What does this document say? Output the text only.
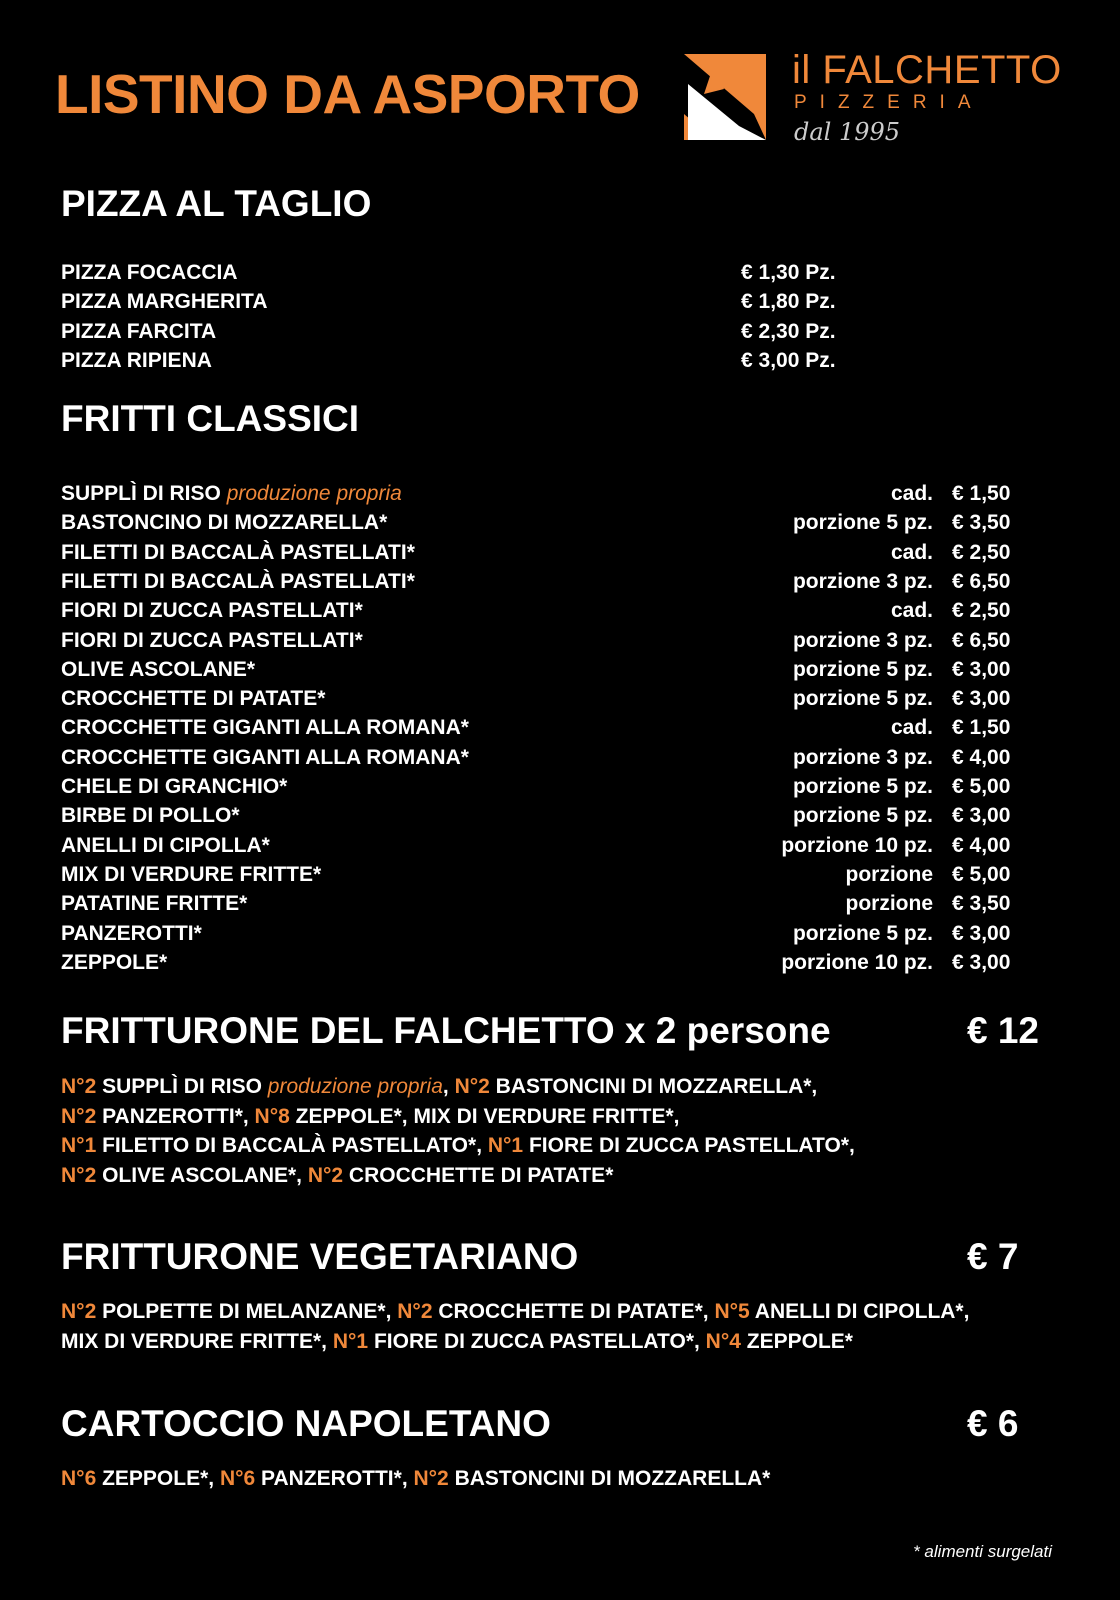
LISTINO DA ASPORTO	il FALCHETTO
PIZZERIA
dal 1995
PIZZA AL TAGLIO
PIZZA FOCACCIA	€ 1,30 Pz.
PIZZA MARGHERITA	€ 1,80 Pz.
PIZZA FARCITA	€ 2,30 Pz.
PIZZA RIPIENA	€ 3,00 Pz.
FRITTI CLASSICI
SUPPLÌ DI RISO produzione propria	cad. € 1,50
BASTONCINO DI MOZZARELLA*	porzione 5 pz. € 3,50
FILETTI DI BACCALÀ PASTELLATI*	cad. € 2,50
FILETTI DI BACCALÀ PASTELLATI*	porzione 3 pz. € 6,50
FIORI DI ZUCCA PASTELLATI*	cad. € 2,50
FIORI DI ZUCCA PASTELLATI*	porzione 3 pz. € 6,50
OLIVE ASCOLANE*	porzione 5 pz. € 3,00
CROCCHETTE DI PATATE*	porzione 5 pz. € 3,00
CROCCHETTE GIGANTI ALLA ROMANA*	cad. € 1,50
CROCCHETTE GIGANTI ALLA ROMANA*	porzione 3 pz. € 4,00
CHELE DI GRANCHIO*	porzione 5 pz. € 5,00
BIRBE DI POLLO*	porzione 5 pz. € 3,00
ANELLI DI CIPOLLA*	porzione 10 pz. € 4,00
MIX DI VERDURE FRITTE*	porzione € 5,00
PATATINE FRITTE*	porzione € 3,50
PANZEROTTI*	porzione 5 pz. € 3,00
ZEPPOLE*	porzione 10 pz. € 3,00
FRITTURONE DEL FALCHETTO x 2 persone	€ 12
N°2 SUPPLÌ DI RISO produzione propria, N°2 BASTONCINI DI MOZZARELLA*,
N°2 PANZEROTTI*, N°8 ZEPPOLE*, MIX DI VERDURE FRITTE*,
N°1 FILETTO DI BACCALÀ PASTELLATO*, N°1 FIORE DI ZUCCA PASTELLATO*,
N°2 OLIVE ASCOLANE*, N°2 CROCCHETTE DI PATATE*
FRITTURONE VEGETARIANO	€ 7
N°2 POLPETTE DI MELANZANE*, N°2 CROCCHETTE DI PATATE*, N°5 ANELLI DI CIPOLLA*,
MIX DI VERDURE FRITTE*, N°1 FIORE DI ZUCCA PASTELLATO*, N°4 ZEPPOLE*
CARTOCCIO NAPOLETANO	€ 6
N°6 ZEPPOLE*, N°6 PANZEROTTI*, N°2 BASTONCINI DI MOZZARELLA*
* alimenti surgelati
